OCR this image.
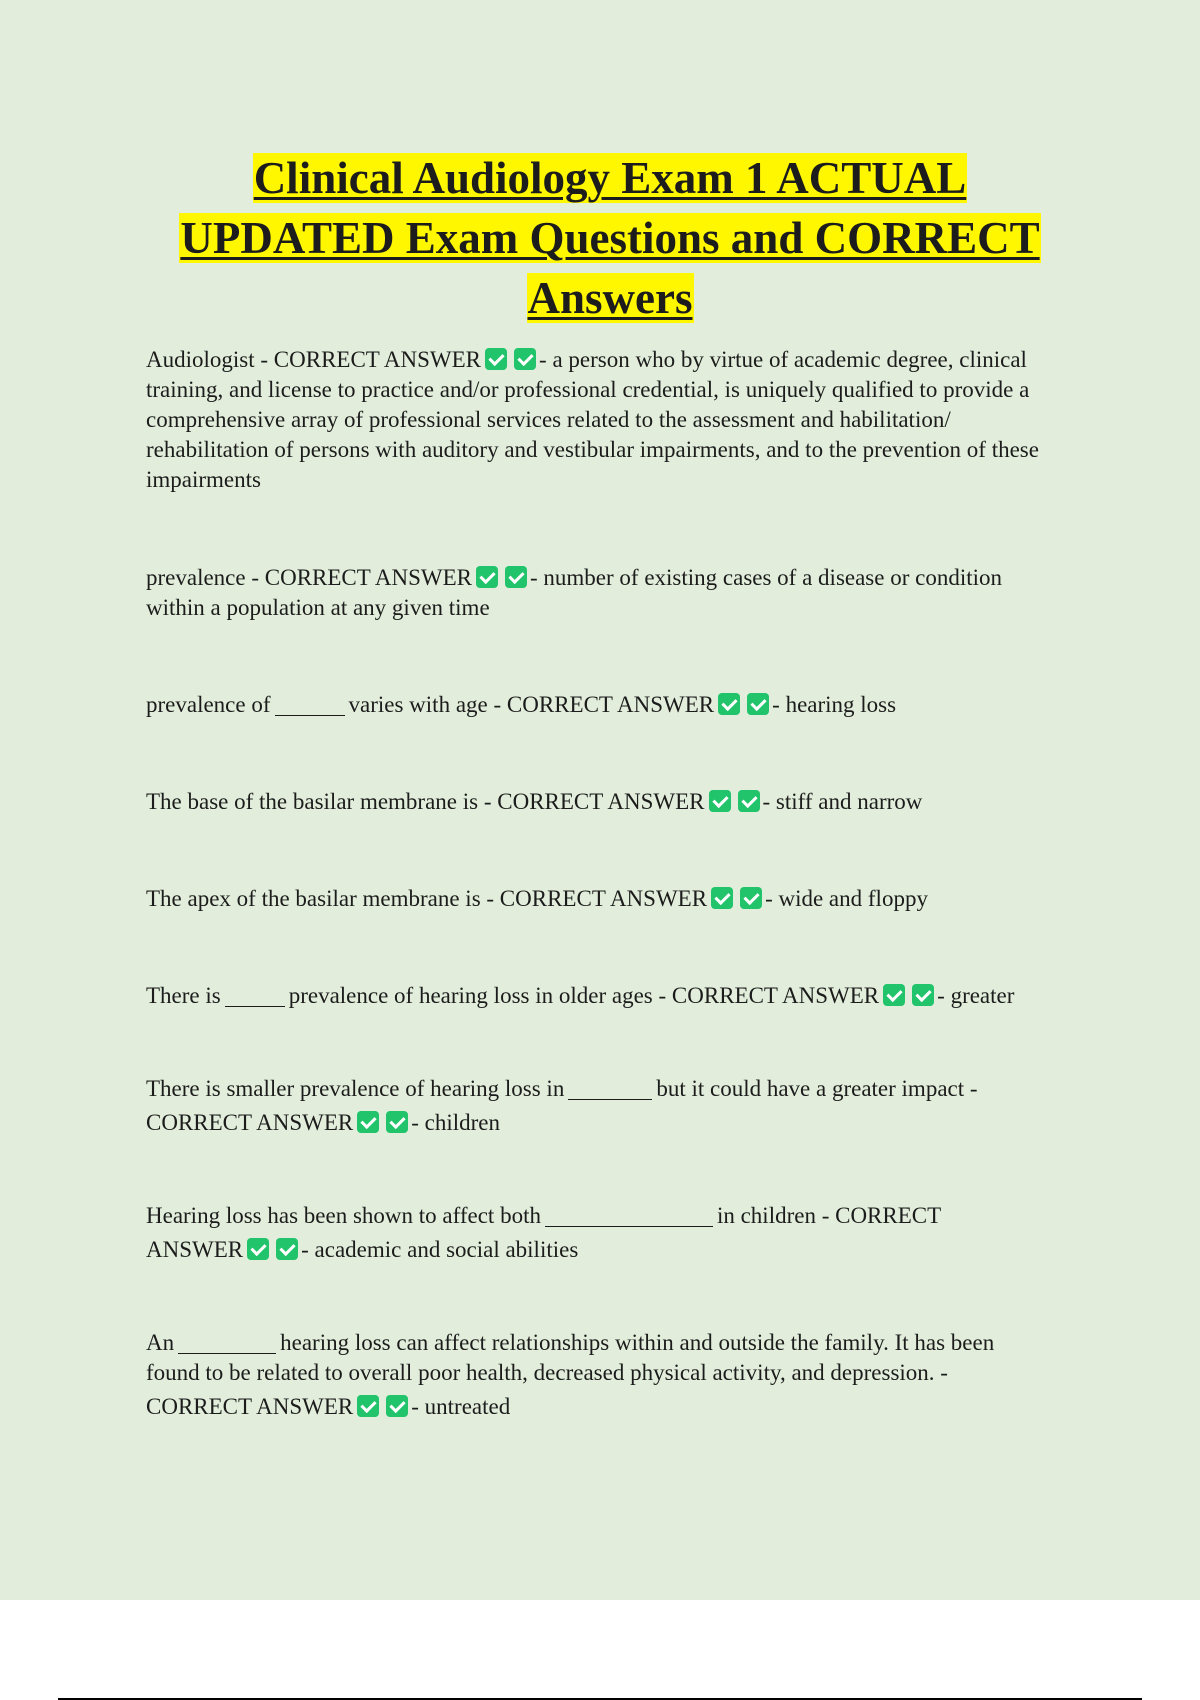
Clinical Audiology Exam 1 ACTUAL
UPDATED Exam Questions and CORRECT
Answers
Audiologist - CORRECT ANSWER	- a person who by virtue of academic degree, clinical
training, and license to practice and/or professional credential, is uniquely qualified to provide a
comprehensive array of professional services related to the assessment and habilitation/
rehabilitation of persons with auditory and vestibular impairments, and to the prevention of these
impairments
prevalence - CORRECT ANSWER	- number of existing cases of a disease or condition
within a population at any given time
prevalence of	varies with age - CORRECT ANSWER	- hearing loss
The base of the basilar membrane is - CORRECT ANSWER	- stiff and narrow
The apex of the basilar membrane is - CORRECT ANSWER	- wide and floppy
There is	prevalence of hearing loss in older ages - CORRECT ANSWER	- greater
There is smaller prevalence of hearing loss in	but it could have a greater impact -
CORRECT ANSWER	- children
Hearing loss has been shown to affect both	in children - CORRECT
ANSWER	- academic and social abilities
An	hearing loss can affect relationships within and outside the family. It has been
found to be related to overall poor health, decreased physical activity, and depression. -
CORRECT ANSWER	- untreated
